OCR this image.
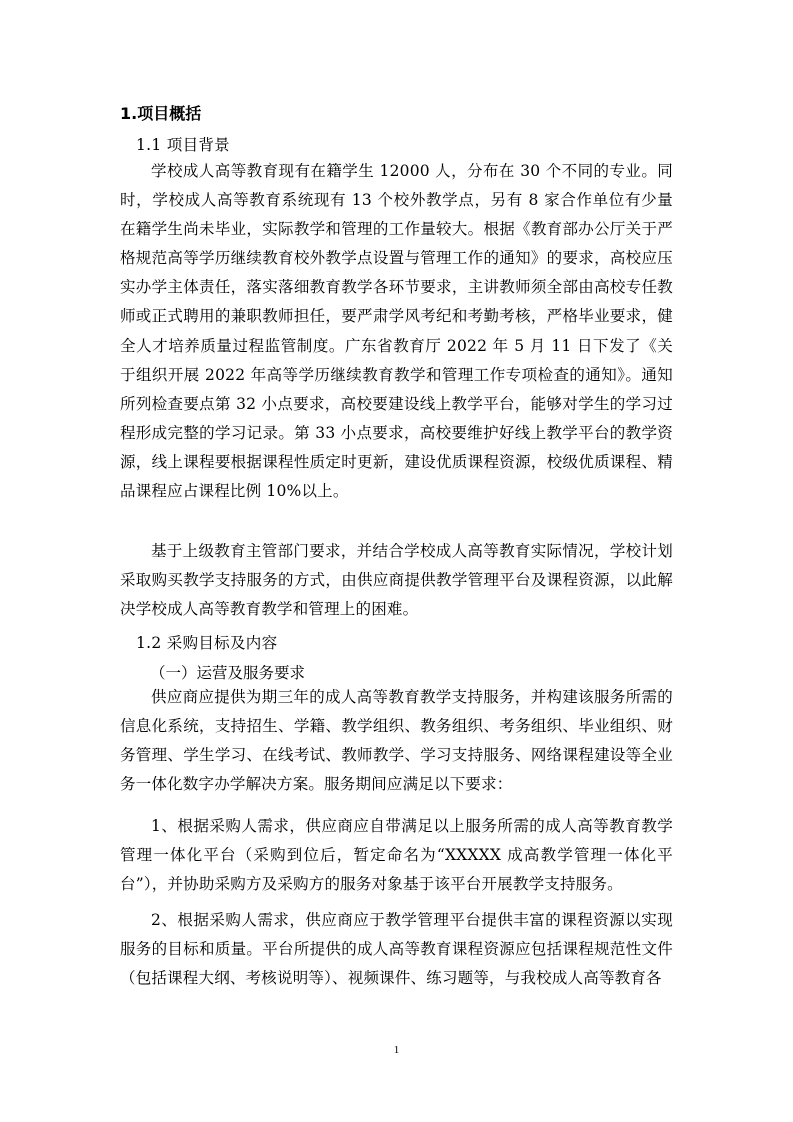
1.项目概括

1.1 项目背景

学校成人高等教育现有在籍学生 12000 人，分布在 30 个不同的专业。同时，学校成人高等教育系统现有 13 个校外教学点，另有 8 家合作单位有少量在籍学生尚未毕业，实际教学和管理的工作量较大。根据《教育部办公厅关于严格规范高等学历继续教育校外教学点设置与管理工作的通知》的要求，高校应压实办学主体责任，落实落细教育教学各环节要求，主讲教师须全部由高校专任教师或正式聘用的兼职教师担任，要严肃学风考纪和考勤考核，严格毕业要求，健全人才培养质量过程监管制度。广东省教育厅 2022 年 5 月 11 日下发了《关于组织开展 2022 年高等学历继续教育教学和管理工作专项检查的通知》。通知所列检查要点第 32 小点要求，高校要建设线上教学平台，能够对学生的学习过程形成完整的学习记录。第 33 小点要求，高校要维护好线上教学平台的教学资源，线上课程要根据课程性质定时更新，建设优质课程资源，校级优质课程、精品课程应占课程比例 10%以上。

基于上级教育主管部门要求，并结合学校成人高等教育实际情况，学校计划采取购买教学支持服务的方式，由供应商提供教学管理平台及课程资源，以此解决学校成人高等教育教学和管理上的困难。

1.2 采购目标及内容

（一）运营及服务要求

供应商应提供为期三年的成人高等教育教学支持服务，并构建该服务所需的信息化系统，支持招生、学籍、教学组织、教务组织、考务组织、毕业组织、财务管理、学生学习、在线考试、教师教学、学习支持服务、网络课程建设等全业务一体化数字办学解决方案。服务期间应满足以下要求：

1、根据采购人需求，供应商应自带满足以上服务所需的成人高等教育教学管理一体化平台（采购到位后，暂定命名为“XXXXX 成高教学管理一体化平台”），并协助采购方及采购方的服务对象基于该平台开展教学支持服务。

2、根据采购人需求，供应商应于教学管理平台提供丰富的课程资源以实现服务的目标和质量。平台所提供的成人高等教育课程资源应包括课程规范性文件（包括课程大纲、考核说明等）、视频课件、练习题等，与我校成人高等教育各

1
